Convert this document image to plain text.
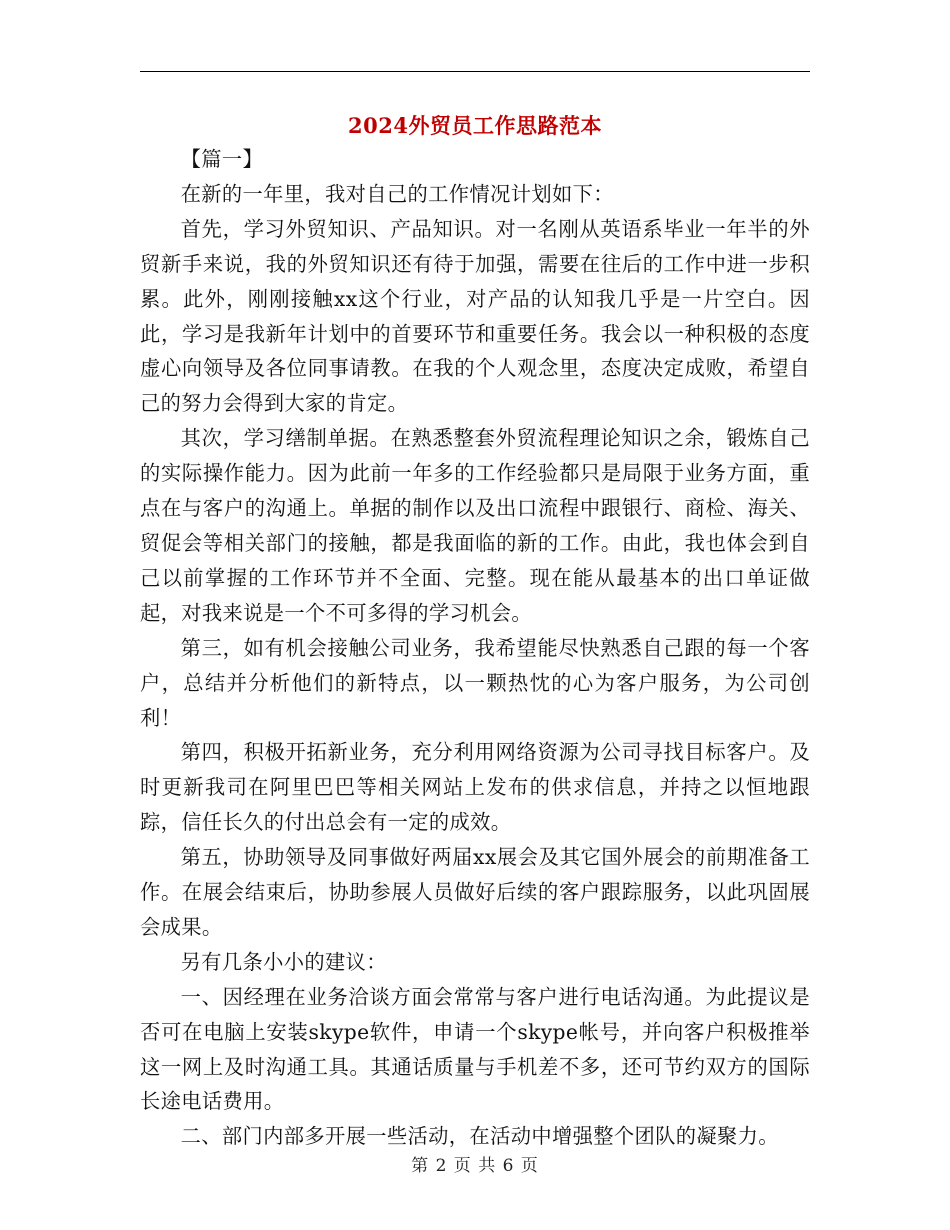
2024外贸员工作思路范本

【篇一】

在新的一年里，我对自己的工作情况计划如下：

首先，学习外贸知识、产品知识。对一名刚从英语系毕业一年半的外贸新手来说，我的外贸知识还有待于加强，需要在往后的工作中进一步积累。此外，刚刚接触xx这个行业，对产品的认知我几乎是一片空白。因此，学习是我新年计划中的首要环节和重要任务。我会以一种积极的态度虚心向领导及各位同事请教。在我的个人观念里，态度决定成败，希望自己的努力会得到大家的肯定。

其次，学习缮制单据。在熟悉整套外贸流程理论知识之余，锻炼自己的实际操作能力。因为此前一年多的工作经验都只是局限于业务方面，重点在与客户的沟通上。单据的制作以及出口流程中跟银行、商检、海关、贸促会等相关部门的接触，都是我面临的新的工作。由此，我也体会到自己以前掌握的工作环节并不全面、完整。现在能从最基本的出口单证做起，对我来说是一个不可多得的学习机会。

第三，如有机会接触公司业务，我希望能尽快熟悉自己跟的每一个客户，总结并分析他们的新特点，以一颗热忱的心为客户服务，为公司创利！

第四，积极开拓新业务，充分利用网络资源为公司寻找目标客户。及时更新我司在阿里巴巴等相关网站上发布的供求信息，并持之以恒地跟踪，信任长久的付出总会有一定的成效。

第五，协助领导及同事做好两届xx展会及其它国外展会的前期准备工作。在展会结束后，协助参展人员做好后续的客户跟踪服务，以此巩固展会成果。

另有几条小小的建议：

一、因经理在业务洽谈方面会常常与客户进行电话沟通。为此提议是否可在电脑上安装skype软件，申请一个skype帐号，并向客户积极推举这一网上及时沟通工具。其通话质量与手机差不多，还可节约双方的国际长途电话费用。

二、部门内部多开展一些活动，在活动中增强整个团队的凝聚力。

第 2 页 共 6 页
